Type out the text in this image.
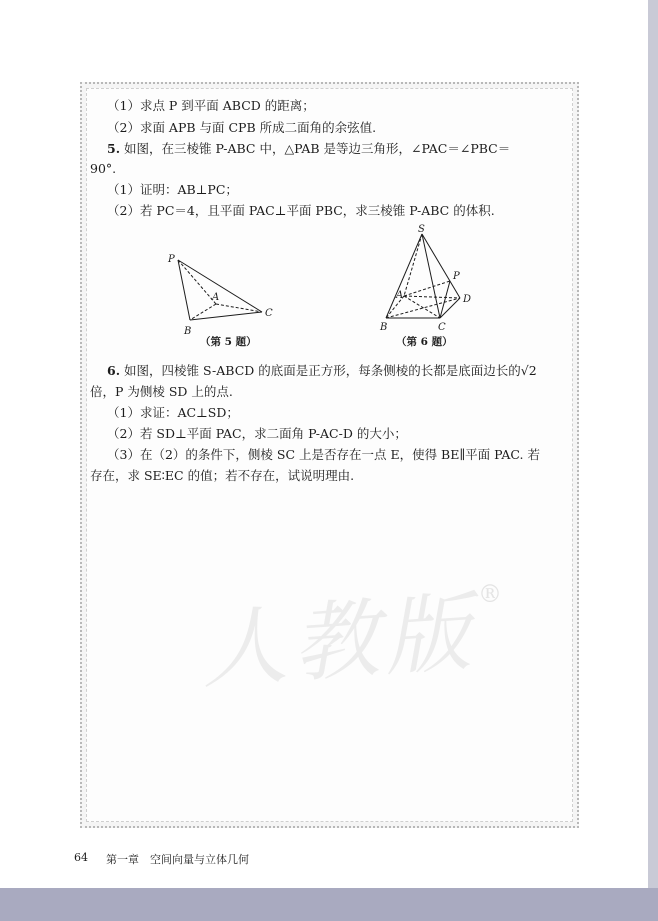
人教版
®
（1）求点 P 到平面 ABCD 的距离；
（2）求面 APB 与面 CPB 所成二面角的余弦值.
5. 如图，在三棱锥 P-ABC 中，△PAB 是等边三角形，∠PAC＝∠PBC＝
90°.
（1）证明：AB⊥PC；
（2）若 PC＝4，且平面 PAC⊥平面 PBC，求三棱锥 P-ABC 的体积.
P
A
B
C
（第 5 题）
S
P
A	D
B	C
（第 6 题）
6. 如图，四棱锥 S-ABCD 的底面是正方形，每条侧棱的长都是底面边长的√2
倍，P 为侧棱 SD 上的点.
（1）求证：AC⊥SD；
（2）若 SD⊥平面 PAC，求二面角 P-AC-D 的大小；
（3）在（2）的条件下，侧棱 SC 上是否存在一点 E，使得 BE∥平面 PAC. 若
存在，求 SE∶EC 的值；若不存在，试说明理由.
64 第一章　空间向量与立体几何
